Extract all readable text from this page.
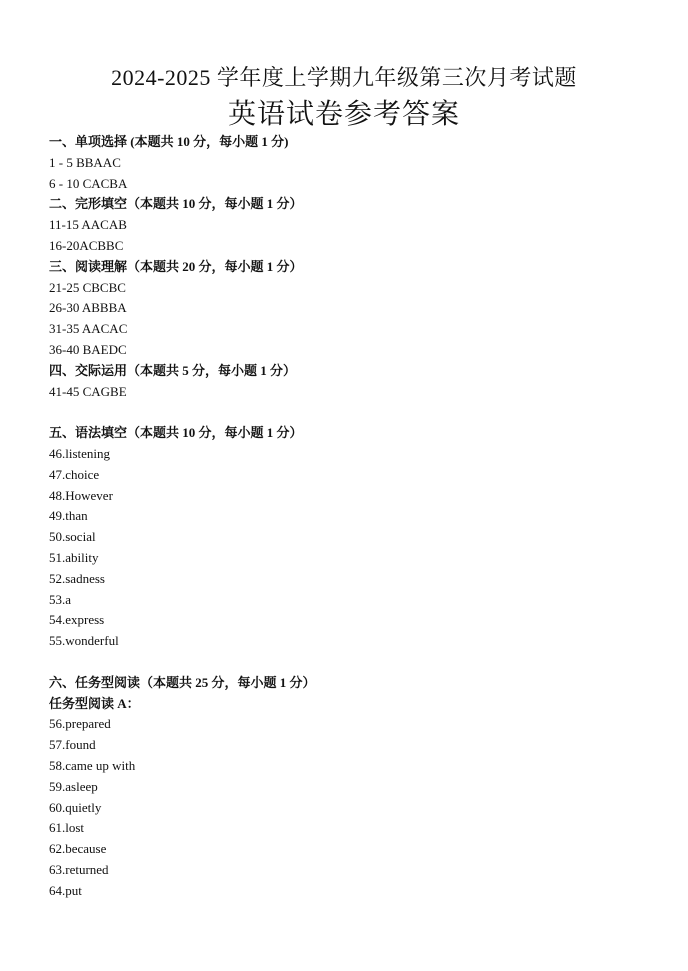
2024-2025 学年度上学期九年级第三次月考试题
英语试卷参考答案
一、单项选择 (本题共 10 分，每小题 1 分)
1 - 5 BBAAC
6 - 10 CACBA
二、完形填空（本题共 10 分，每小题 1 分）
11-15 AACAB
16-20ACBBC
三、阅读理解（本题共 20 分，每小题 1 分）
21-25 CBCBC
26-30 ABBBA
31-35 AACAC
36-40 BAEDC
四、交际运用（本题共 5 分，每小题 1 分）
41-45 CAGBE
五、语法填空（本题共 10 分，每小题 1 分）
46.listening
47.choice
48.However
49.than
50.social
51.ability
52.sadness
53.a
54.express
55.wonderful
六、任务型阅读（本题共 25 分，每小题 1 分）
任务型阅读 A：
56.prepared
57.found
58.came up with
59.asleep
60.quietly
61.lost
62.because
63.returned
64.put
